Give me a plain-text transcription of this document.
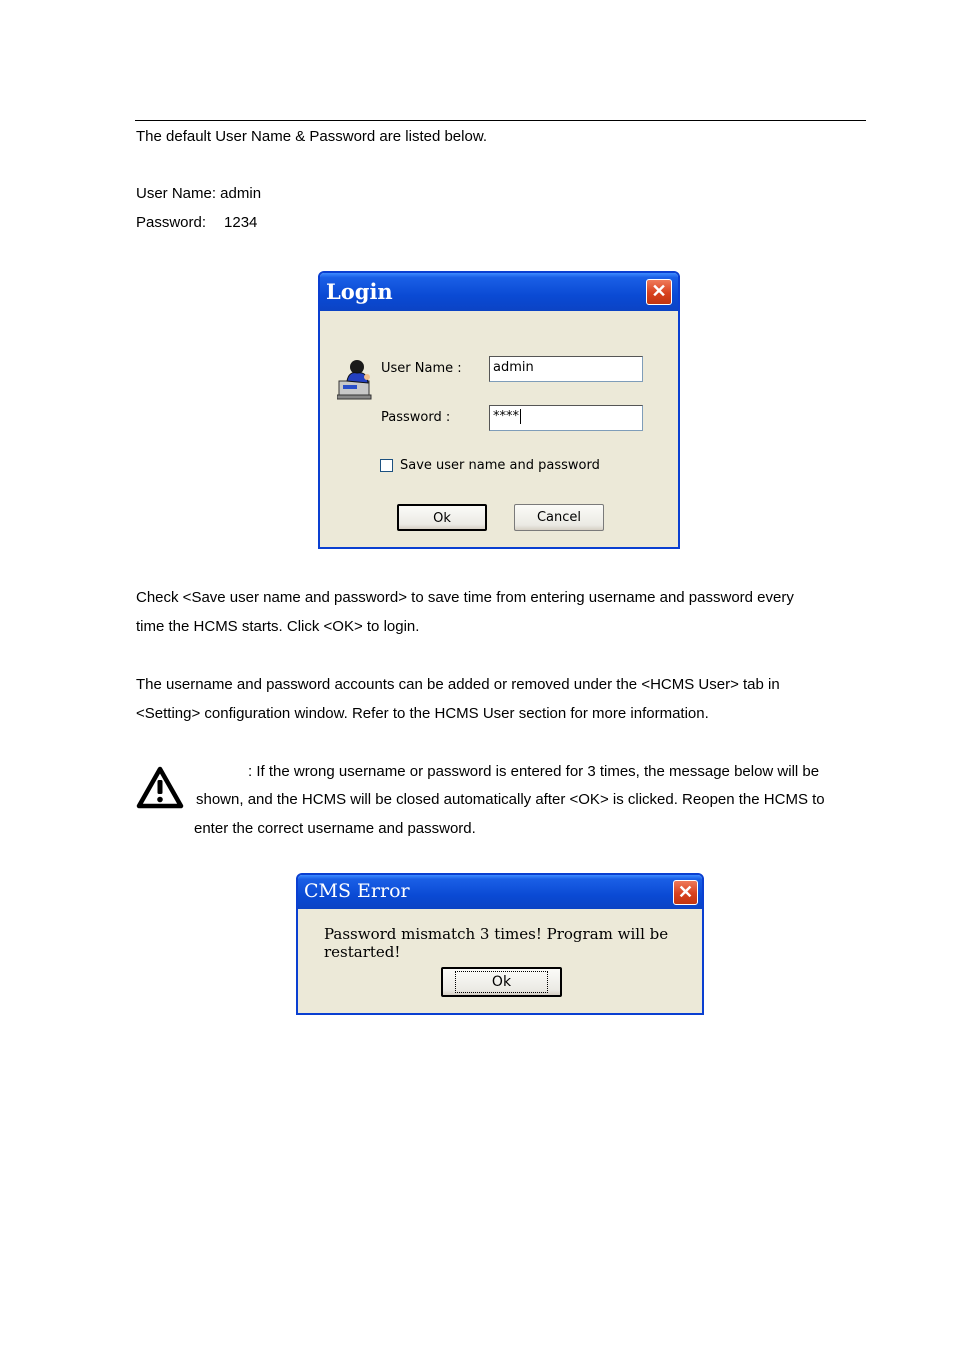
The default User Name & Password are listed below.

User Name: admin

Password: 1234

Login	✕
User Name :	admin
Password :	****
Save user name and password
Ok	Cancel

Check <Save user name and password> to save time from entering username and password every

time the HCMS starts. Click <OK> to login.

The username and password accounts can be added or removed under the <HCMS User> tab in

<Setting> configuration window. Refer to the HCMS User section for more information.

: If the wrong username or password is entered for 3 times, the message below will be

shown, and the HCMS will be closed automatically after <OK> is clicked. Reopen the HCMS to

enter the correct username and password.

CMS Error	✕
Password mismatch 3 times! Program will be restarted!
Ok
